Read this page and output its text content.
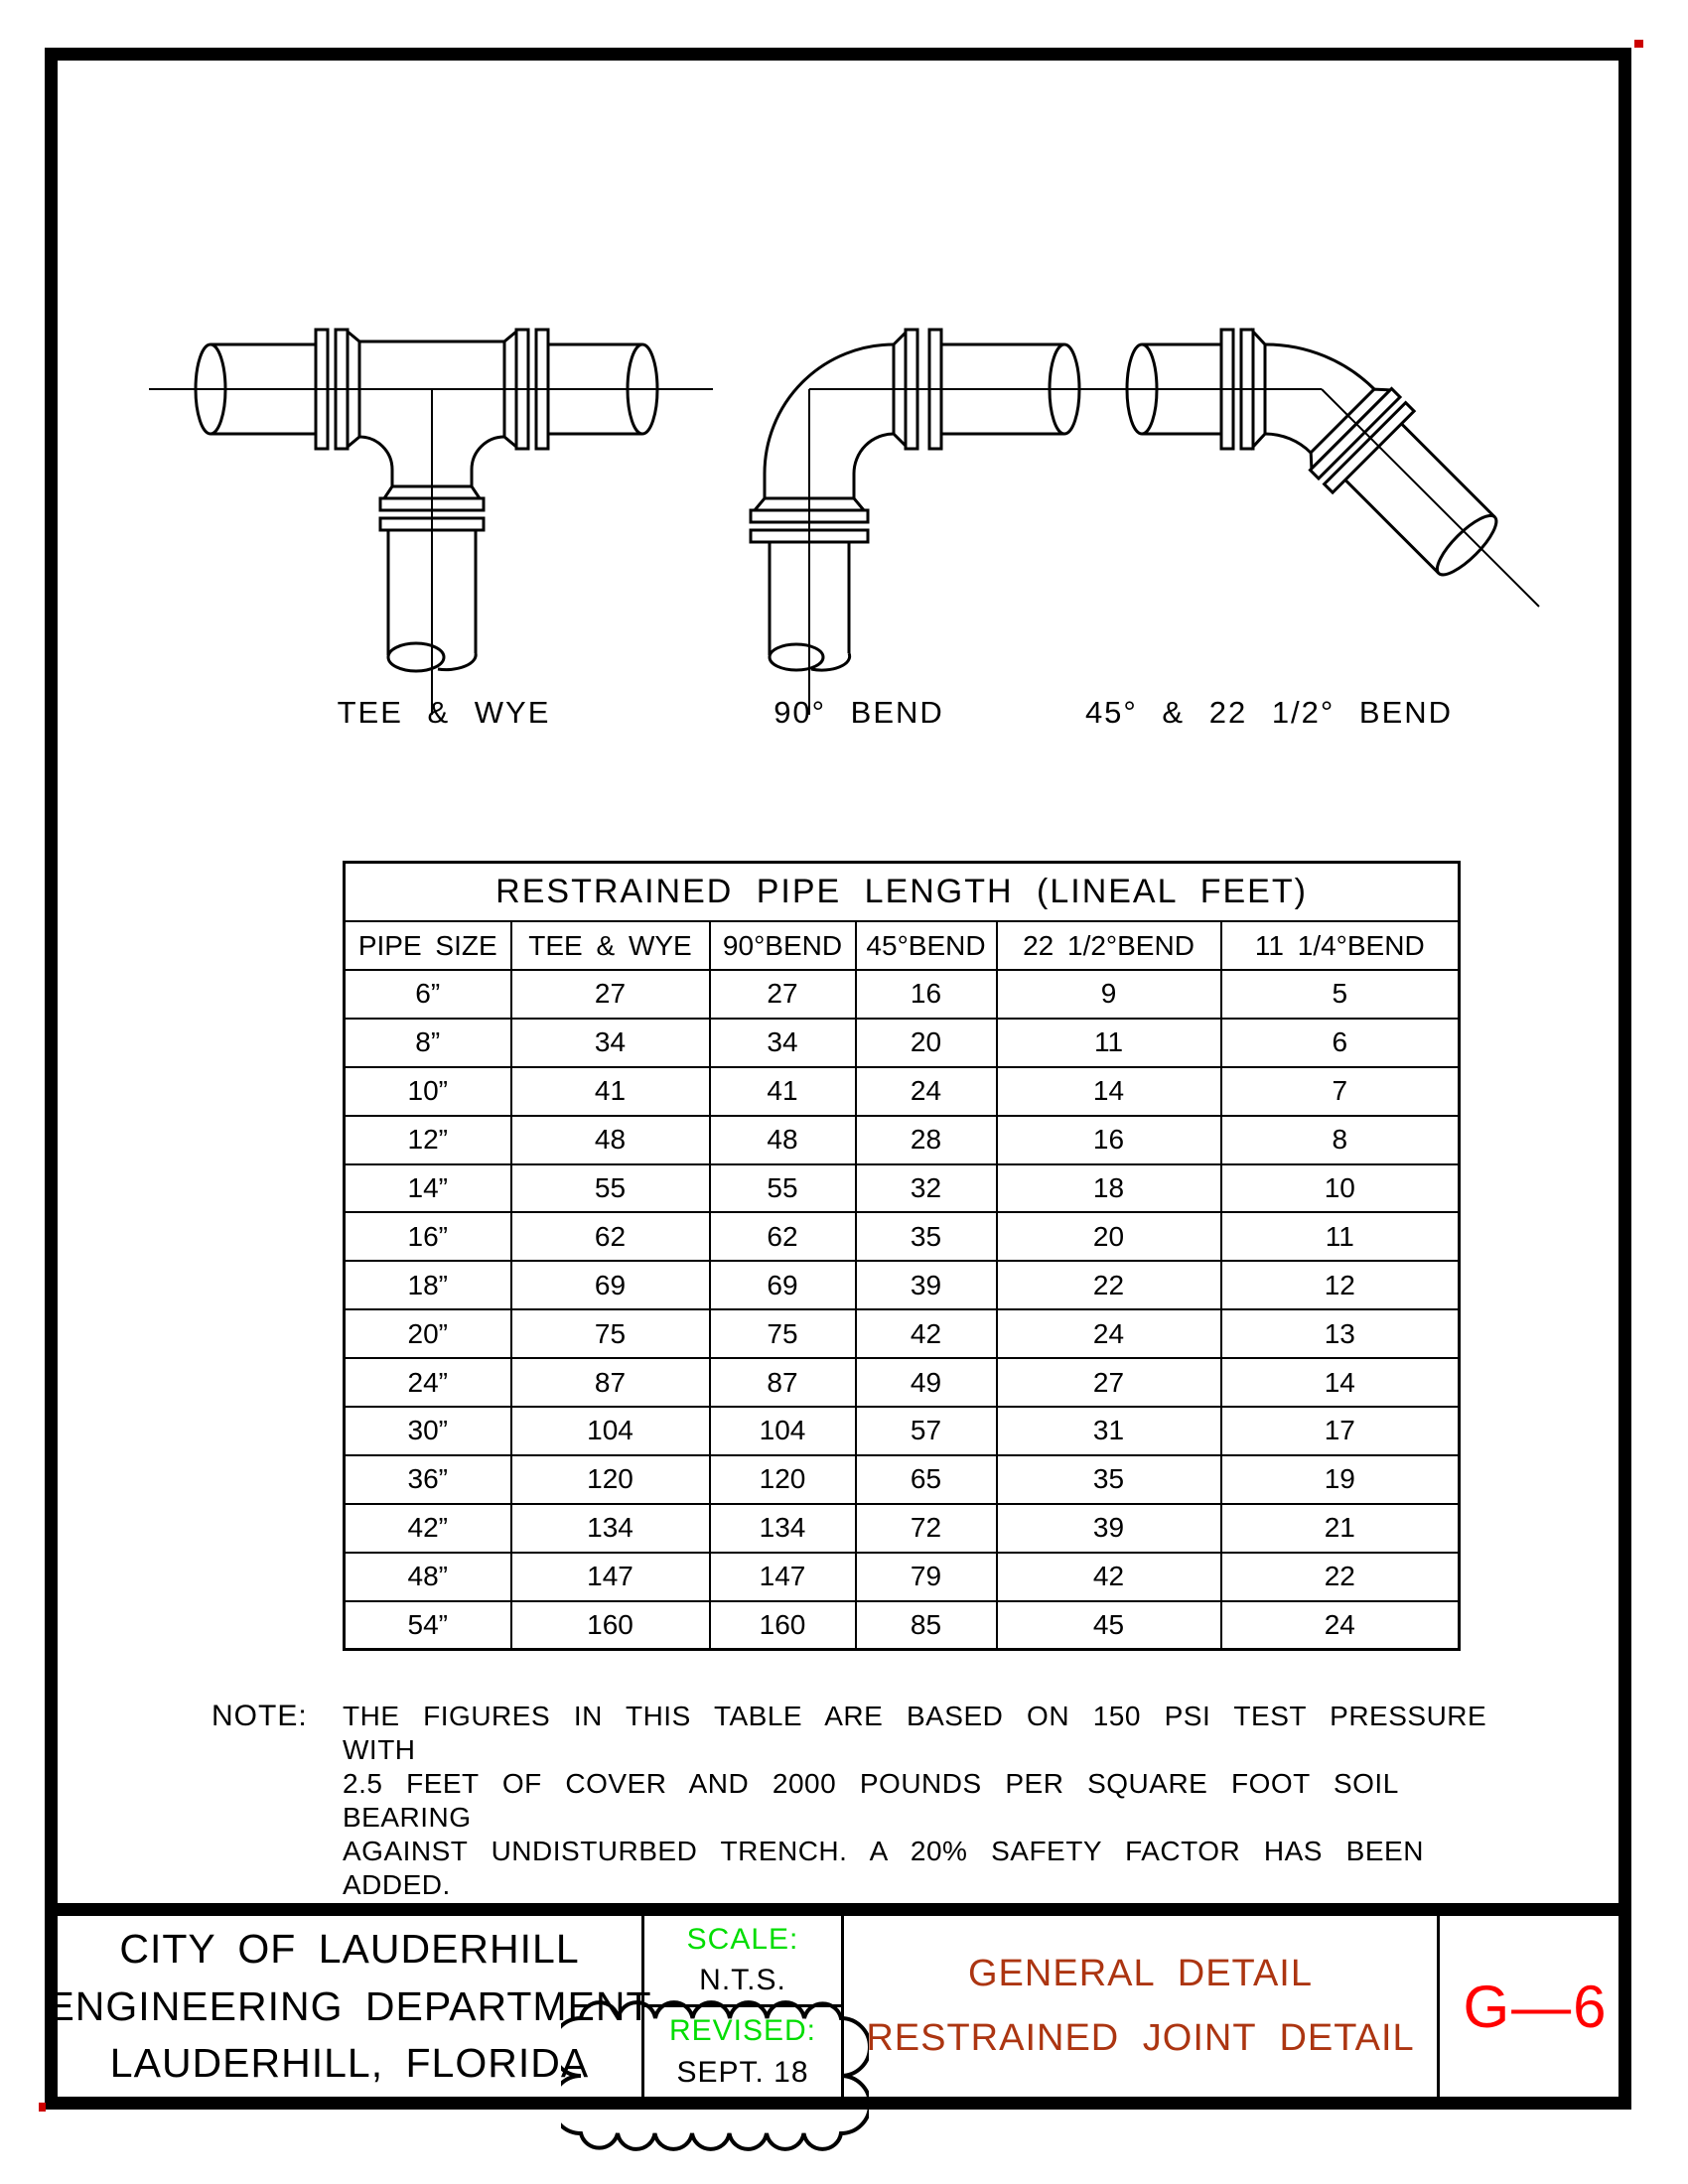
TEE & WYE	90° BEND	45° & 22 1/2° BEND
RESTRAINED PIPE LENGTH (LINEAL FEET)					
PIPE SIZE	TEE & WYE	90°BEND	45°BEND	22 1/2°BEND	11 1/4°BEND
6”	27	27	16	9	5
8”	34	34	20	11	6
10”	41	41	24	14	7
12”	48	48	28	16	8
14”	55	55	32	18	10
16”	62	62	35	20	11
18”	69	69	39	22	12
20”	75	75	42	24	13
24”	87	87	49	27	14
30”	104	104	57	31	17
36”	120	120	65	35	19
42”	134	134	72	39	21
48”	147	147	79	42	22
54”	160	160	85	45	24
NOTE: THE FIGURES IN THIS TABLE ARE BASED ON 150 PSI TEST PRESSURE WITH
2.5 FEET OF COVER AND 2000 POUNDS PER SQUARE FOOT SOIL BEARING
AGAINST UNDISTURBED TRENCH. A 20% SAFETY FACTOR HAS BEEN ADDED.
CITY OF LAUDERHILL
ENGINEERING DEPARTMENT
LAUDERHILL, FLORIDA
SCALE:
N.T.S.
REVISED:
SEPT. 18
GENERAL DETAIL
RESTRAINED JOINT DETAIL G—6
